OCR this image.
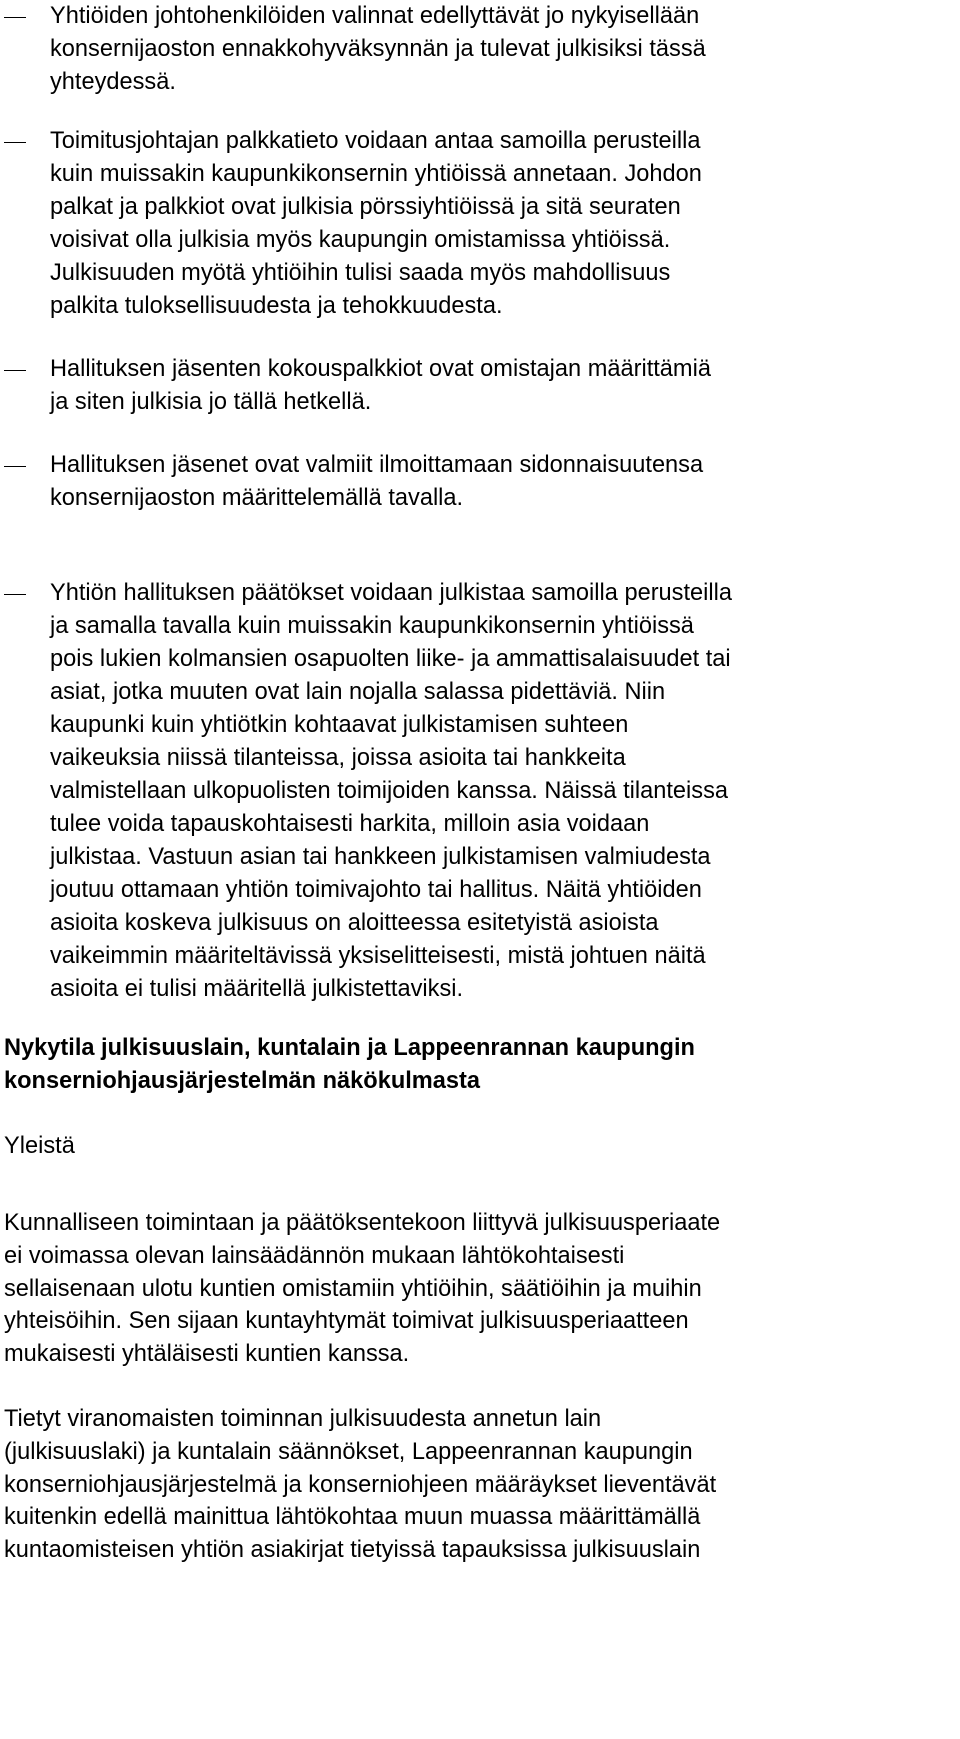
Yhtiöiden johtohenkilöiden valinnat edellyttävät jo nykyisellään
konsernijaoston ennakkohyväksynnän ja tulevat julkisiksi tässä
yhteydessä.
Toimitusjohtajan palkkatieto voidaan antaa samoilla perusteilla
kuin muissakin kaupunkikonsernin yhtiöissä annetaan. Johdon
palkat ja palkkiot ovat julkisia pörssiyhtiöissä ja sitä seuraten
voisivat olla julkisia myös kaupungin omistamissa yhtiöissä.
Julkisuuden myötä yhtiöihin tulisi saada myös mahdollisuus
palkita tuloksellisuudesta ja tehokkuudesta.
Hallituksen jäsenten kokouspalkkiot ovat omistajan määrittämiä
ja siten julkisia jo tällä hetkellä.
Hallituksen jäsenet ovat valmiit ilmoittamaan sidonnaisuutensa
konsernijaoston määrittelemällä tavalla.
Yhtiön hallituksen päätökset voidaan julkistaa samoilla perusteilla
ja samalla tavalla kuin muissakin kaupunkikonsernin yhtiöissä
pois lukien kolmansien osapuolten liike- ja ammattisalaisuudet tai
asiat, jotka muuten ovat lain nojalla salassa pidettäviä. Niin
kaupunki kuin yhtiötkin kohtaavat julkistamisen suhteen
vaikeuksia niissä tilanteissa, joissa asioita tai hankkeita
valmistellaan ulkopuolisten toimijoiden kanssa. Näissä tilanteissa
tulee voida tapauskohtaisesti harkita, milloin asia voidaan
julkistaa. Vastuun asian tai hankkeen julkistamisen valmiudesta
joutuu ottamaan yhtiön toimivajohto tai hallitus. Näitä yhtiöiden
asioita koskeva julkisuus on aloitteessa esitetyistä asioista
vaikeimmin määriteltävissä yksiselitteisesti, mistä johtuen näitä
asioita ei tulisi määritellä julkistettaviksi.
Nykytila julkisuuslain, kuntalain ja Lappeenrannan kaupungin
konserniohjausjärjestelmän näkökulmasta
Yleistä
Kunnalliseen toimintaan ja päätöksentekoon liittyvä julkisuusperiaate
ei voimassa olevan lainsäädännön mukaan lähtökohtaisesti
sellaisenaan ulotu kuntien omistamiin yhtiöihin, säätiöihin ja muihin
yhteisöihin. Sen sijaan kuntayhtymät toimivat julkisuusperiaatteen
mukaisesti yhtäläisesti kuntien kanssa.
Tietyt viranomaisten toiminnan julkisuudesta annetun lain
(julkisuuslaki) ja kuntalain säännökset, Lappeenrannan kaupungin
konserniohjausjärjestelmä ja konserniohjeen määräykset lieventävät
kuitenkin edellä mainittua lähtökohtaa muun muassa määrittämällä
kuntaomisteisen yhtiön asiakirjat tietyissä tapauksissa julkisuuslain
